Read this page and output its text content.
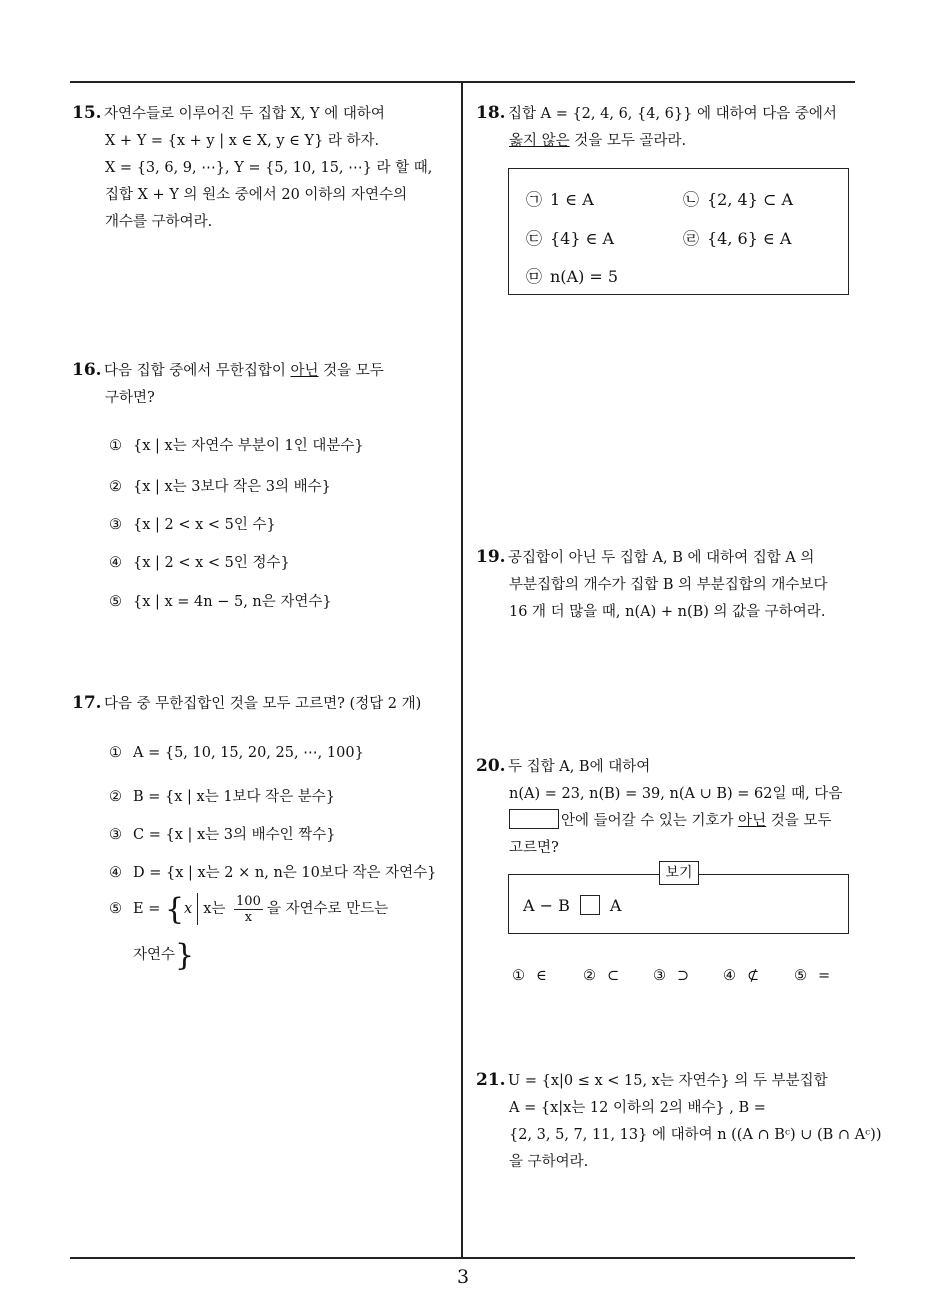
15. 자연수들로 이루어진 두 집합 X, Y 에 대하여

X + Y = {x + y | x ∈ X, y ∈ Y} 라 하자.

X = {3, 6, 9, ⋯}, Y = {5, 10, 15, ⋯} 라 할 때,

집합 X + Y 의 원소 중에서 20 이하의 자연수의

개수를 구하여라.

16. 다음 집합 중에서 무한집합이 아닌 것을 모두

구하면?

① {x | x는 자연수 부분이 1인 대분수}
② {x | x는 3보다 작은 3의 배수}
③ {x | 2 < x < 5인 수}
④ {x | 2 < x < 5인 정수}
⑤ {x | x = 4n − 5, n은 자연수}

17. 다음 중 무한집합인 것을 모두 고르면? (정답 2 개)

① A = {5, 10, 15, 20, 25, ⋯, 100}
② B = {x | x는 1보다 작은 분수}
③ C = {x | x는 3의 배수인 짝수}
④ D = {x | x는 2 × n, n은 10보다 작은 자연수}
⑤ E = {x x는 $\frac{100}{x}$ 을 자연수로 만드는
자연수}

18. 집합 A = {2, 4, 6, {4, 6}} 에 대하여 다음 중에서

옳지 않은 것을 모두 골라라.

㉠ 1 ∈ A	㉡ {2, 4} ⊂ A
㉢ {4} ∈ A	㉣ {4, 6} ∈ A
㉤ n(A) = 5

19. 공집합이 아닌 두 집합 A, B 에 대하여 집합 A 의

부분집합의 개수가 집합 B 의 부분집합의 개수보다

16 개 더 많을 때, n(A) + n(B) 의 값을 구하여라.

20. 두 집합 A, B에 대하여

n(A) = 23, n(B) = 39, n(A ∪ B) = 62일 때, 다음

안에 들어갈 수 있는 기호가 아닌 것을 모두

고르면?

A − B	A
보기
① ∈	② ⊂ ③ ⊃ ④ ⊄ ⑤ =

21. U = {x|0 ≤ x < 15, x는 자연수} 의 두 부분집합

A = {x|x는 12 이하의 2의 배수} , B =

{2, 3, 5, 7, 11, 13} 에 대하여 n ((A ∩ Bᶜ) ∪ (B ∩ Aᶜ))

을 구하여라.

3
